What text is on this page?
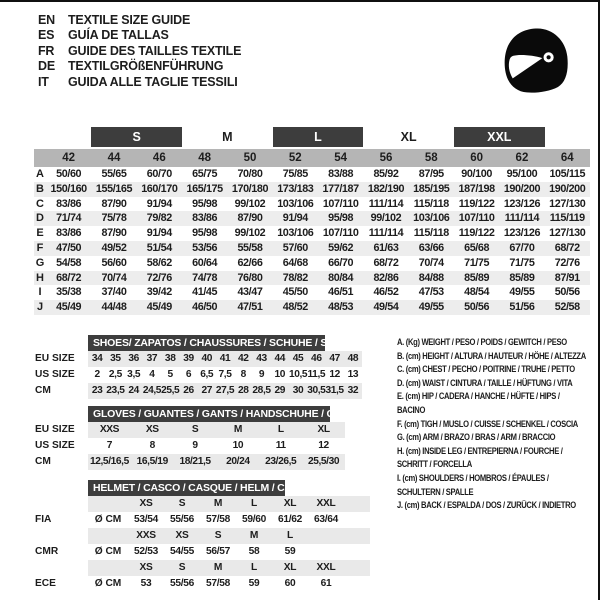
EN	TEXTILE SIZE GUIDE
ES	GUÍA DE TALLAS
FR	GUIDE DES TAILLES TEXTILE
DE	TEXTILGRÖßENFÜHRUNG
IT	GUIDA ALLE TAGLIE TESSILI
S	M	L	XL	XXL
42	44	46	48	50	52	54	56	58	60	62	64
A	50/60	55/65	60/70	65/75	70/80	75/85	83/88	85/92	87/95	90/100	95/100	105/115
B 150/160 155/165 160/170 165/175 170/180 173/183 177/187 182/190 185/195 187/198 190/200 190/200
C	83/86	87/90	91/94	95/98	99/102	103/106 107/110 111/114 115/118 119/122 123/126 127/130
D	71/74	75/78	79/82	83/86	87/90	91/94	95/98	99/102	103/106 107/110 111/114 115/119
E	83/86	87/90	91/94	95/98	99/102	103/106 107/110 111/114 115/118 119/122 123/126 127/130
F	47/50	49/52	51/54	53/56	55/58	57/60	59/62	61/63	63/66	65/68	67/70	68/72
G	54/58	56/60	58/62	60/64	62/66	64/68	66/70	68/72	70/74	71/75	71/75	72/76
H	68/72	70/74	72/76	74/78	76/80	78/82	80/84	82/86	84/88	85/89	85/89	87/91
I	35/38	37/40	39/42	41/45	43/47	45/50	46/51	46/52	47/53	48/54	49/55	50/56
J	45/49	44/48	45/49	46/50	47/51	48/52	48/53	49/54	49/55	50/56	51/56	52/58
SHOES/ ZAPATOS / CHAUSSURES / SCHUHE / SCARPE
EU SIZE	34 35 36 37 38 39 40 41 42 43 44 45 46 47 48
US SIZE	2 2,5 3,5 4	5	6 6,5 7,5 8	9	10 10,5 11,5 12 13
CM	23 23,5 24 24,5 25,5 26 27 27,5 28 28,5 29 30 30,5 31,5 32
GLOVES / GUANTES / GANTS / HANDSCHUHE / GUANTI
EU SIZE	XXS	XS	S	M	L	XL
US SIZE	7	8	9	10	11	12
CM	12,5/16,5 16,5/19	18/21,5	20/24	23/26,5	25,5/30
HELMET / CASCO / CASQUE / HELM / CASCO
XS	S	M	L	XL	XXL
FIA	Ø CM	53/54	55/56	57/58	59/60	61/62	63/64
XXS	XS	S	M	L
CMR	Ø CM	52/53	54/55	56/57	58	59
XS	S	M	L	XL	XXL
ECE	Ø CM	53	55/56	57/58	59	60	61
A. (Kg) WEIGHT / PESO / POIDS / GEWITCH / PESO
B. (cm) HEIGHT / ALTURA / HAUTEUR / HÖHE / ALTEZZA
C. (cm) CHEST / PECHO / POITRINE / TRUHE / PETTO
D. (cm) WAIST / CINTURA / TAILLE / HÜFTUNG / VITA
E. (cm) HIP / CADERA / HANCHE / HÜFTE / HIPS / BACINO
F. (cm) TIGH / MUSLO / CUISSE / SCHENKEL / COSCIA
G. (cm) ARM / BRAZO / BRAS / ARM / BRACCIO
H. (cm) INSIDE LEG / ENTREPIERNA / FOURCHE / SCHRITT / FORCELLA
I. (cm) SHOULDERS / HOMBROS / ÉPAULES / SCHULTERN / SPALLE
J. (cm) BACK / ESPALDA / DOS / ZURÜCK / INDIETRO
